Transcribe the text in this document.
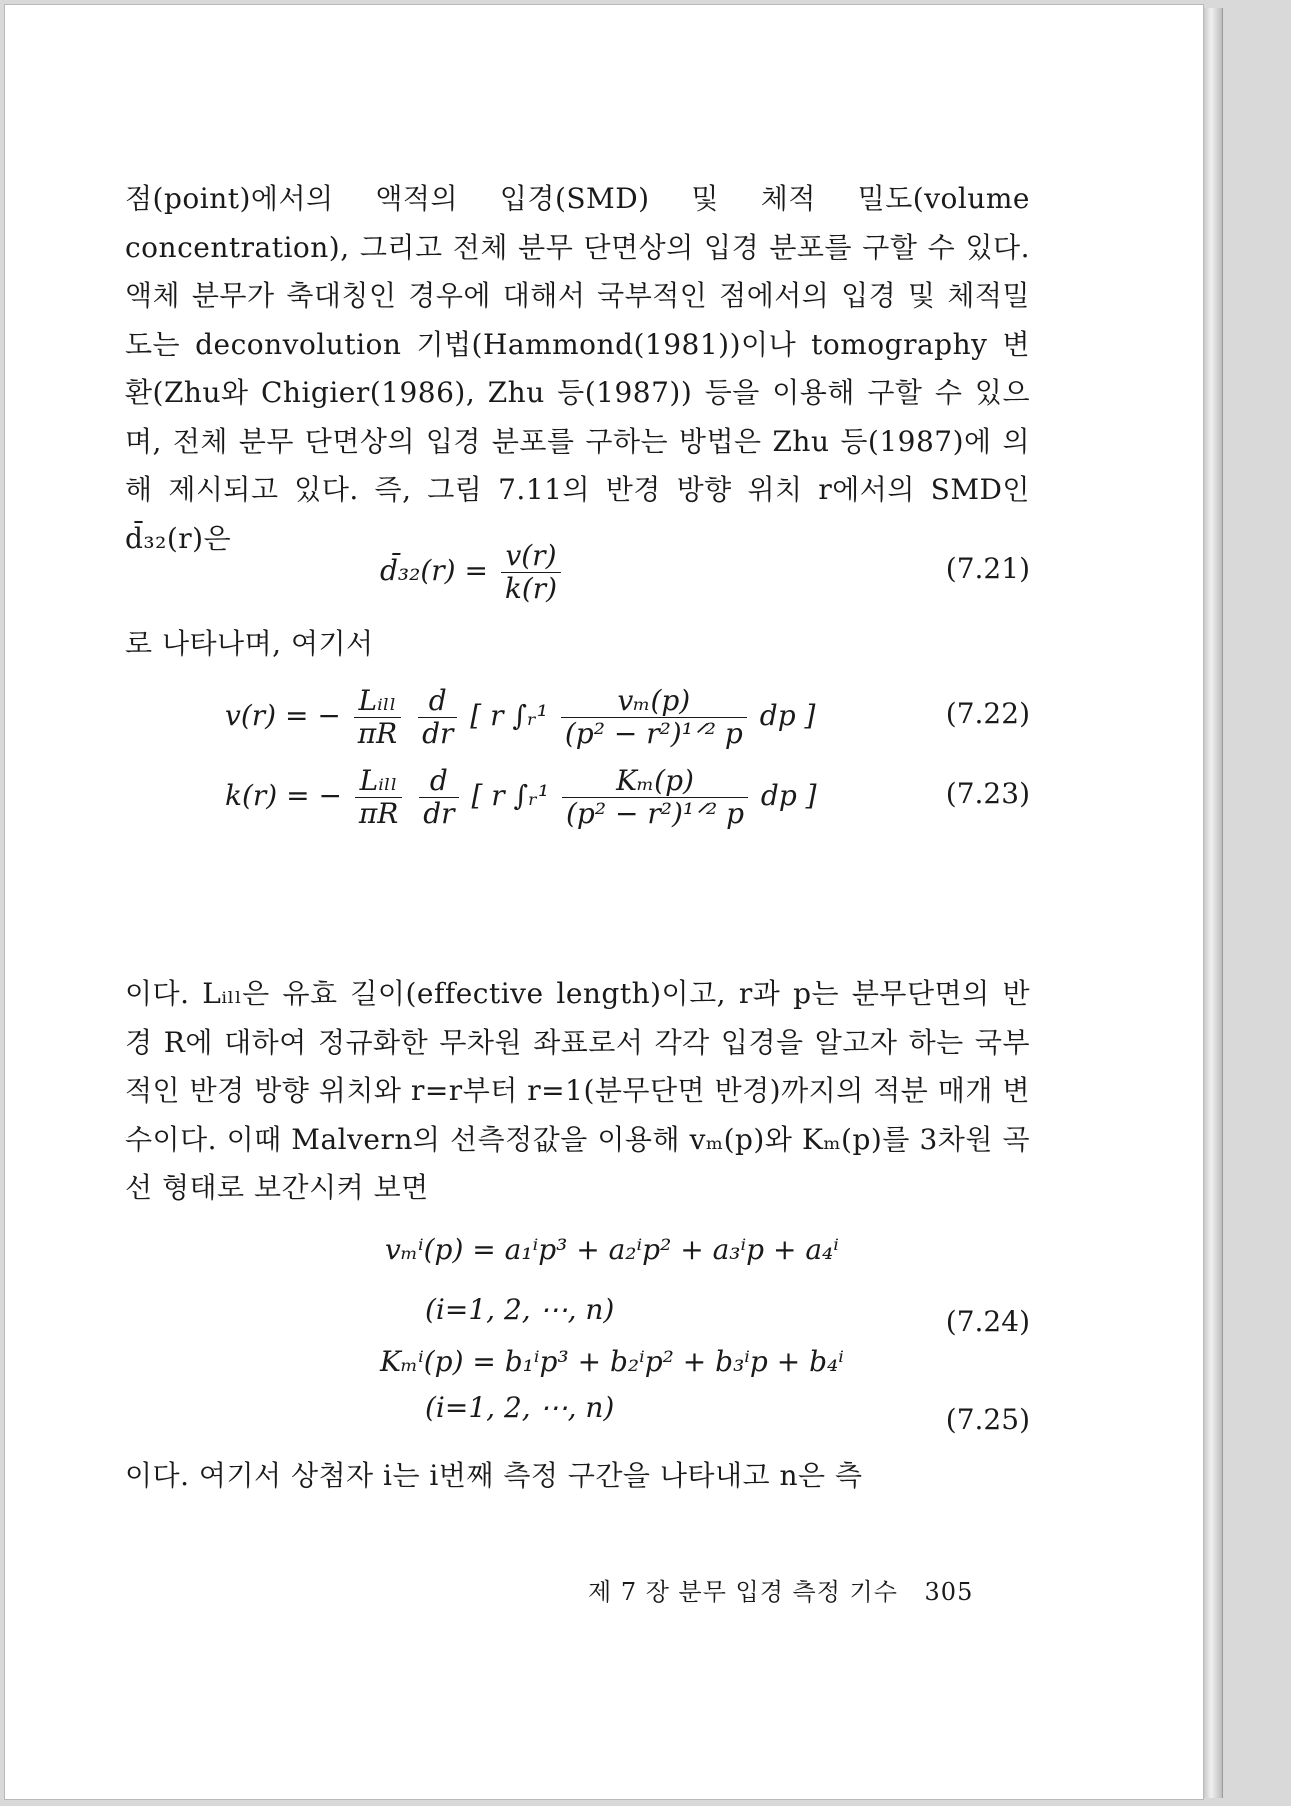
점(point)에서의 액적의 입경(SMD) 및 체적 밀도(volume concentration), 그리고 전체 분무 단면상의 입경 분포를 구할 수 있다. 액체 분무가 축대칭인 경우에 대해서 국부적인 점에서의 입경 및 체적밀도는 deconvolution 기법(Hammond(1981))이나 tomography 변환(Zhu와 Chigier(1986), Zhu 등(1987)) 등을 이용해 구할 수 있으며, 전체 분무 단면상의 입경 분포를 구하는 방법은 Zhu 등(1987)에 의해 제시되고 있다. 즉, 그림 7.11의 반경 방향 위치 r에서의 SMD인 d̄₃₂(r)은

d̄₃₂(r) = $\frac{v(r)}{k(r)}$	(7.21)

로 나타나며, 여기서

v(r) = − $\frac{\text{Lᵢₗₗ}}{\pi R}$
$\frac{d}{dr}$ [ r ∫ᵣ¹ $\frac{\text{vₘ(p)}}{\text{(p² − r²)¹ᐟ² p}}$ dp ]	(7.22)
k(r) = − $\frac{\text{Lᵢₗₗ}}{\pi R}$
$\frac{d}{dr}$ [ r ∫ᵣ¹ $\frac{\text{Kₘ(p)}}{\text{(p² − r²)¹ᐟ² p}}$ dp ]	(7.23)

이다. Lᵢₗₗ은 유효 길이(effective length)이고, r과 p는 분무단면의 반경 R에 대하여 정규화한 무차원 좌표로서 각각 입경을 알고자 하는 국부적인 반경 방향 위치와 r=r부터 r=1(분무단면 반경)까지의 적분 매개 변수이다. 이때 Malvern의 선측정값을 이용해 vₘ(p)와 Kₘ(p)를 3차원 곡선 형태로 보간시켜 보면

vₘⁱ(p) = a₁ⁱp³ + a₂ⁱp² + a₃ⁱp + a₄ⁱ
(i=1, 2, ⋯, n)	(7.24)
Kₘⁱ(p) = b₁ⁱp³ + b₂ⁱp² + b₃ⁱp + b₄ⁱ
(i=1, 2, ⋯, n)	(7.25)

이다. 여기서 상첨자 i는 i번째 측정 구간을 나타내고 n은 측

제 7 장 분무 입경 측정 기수 305
